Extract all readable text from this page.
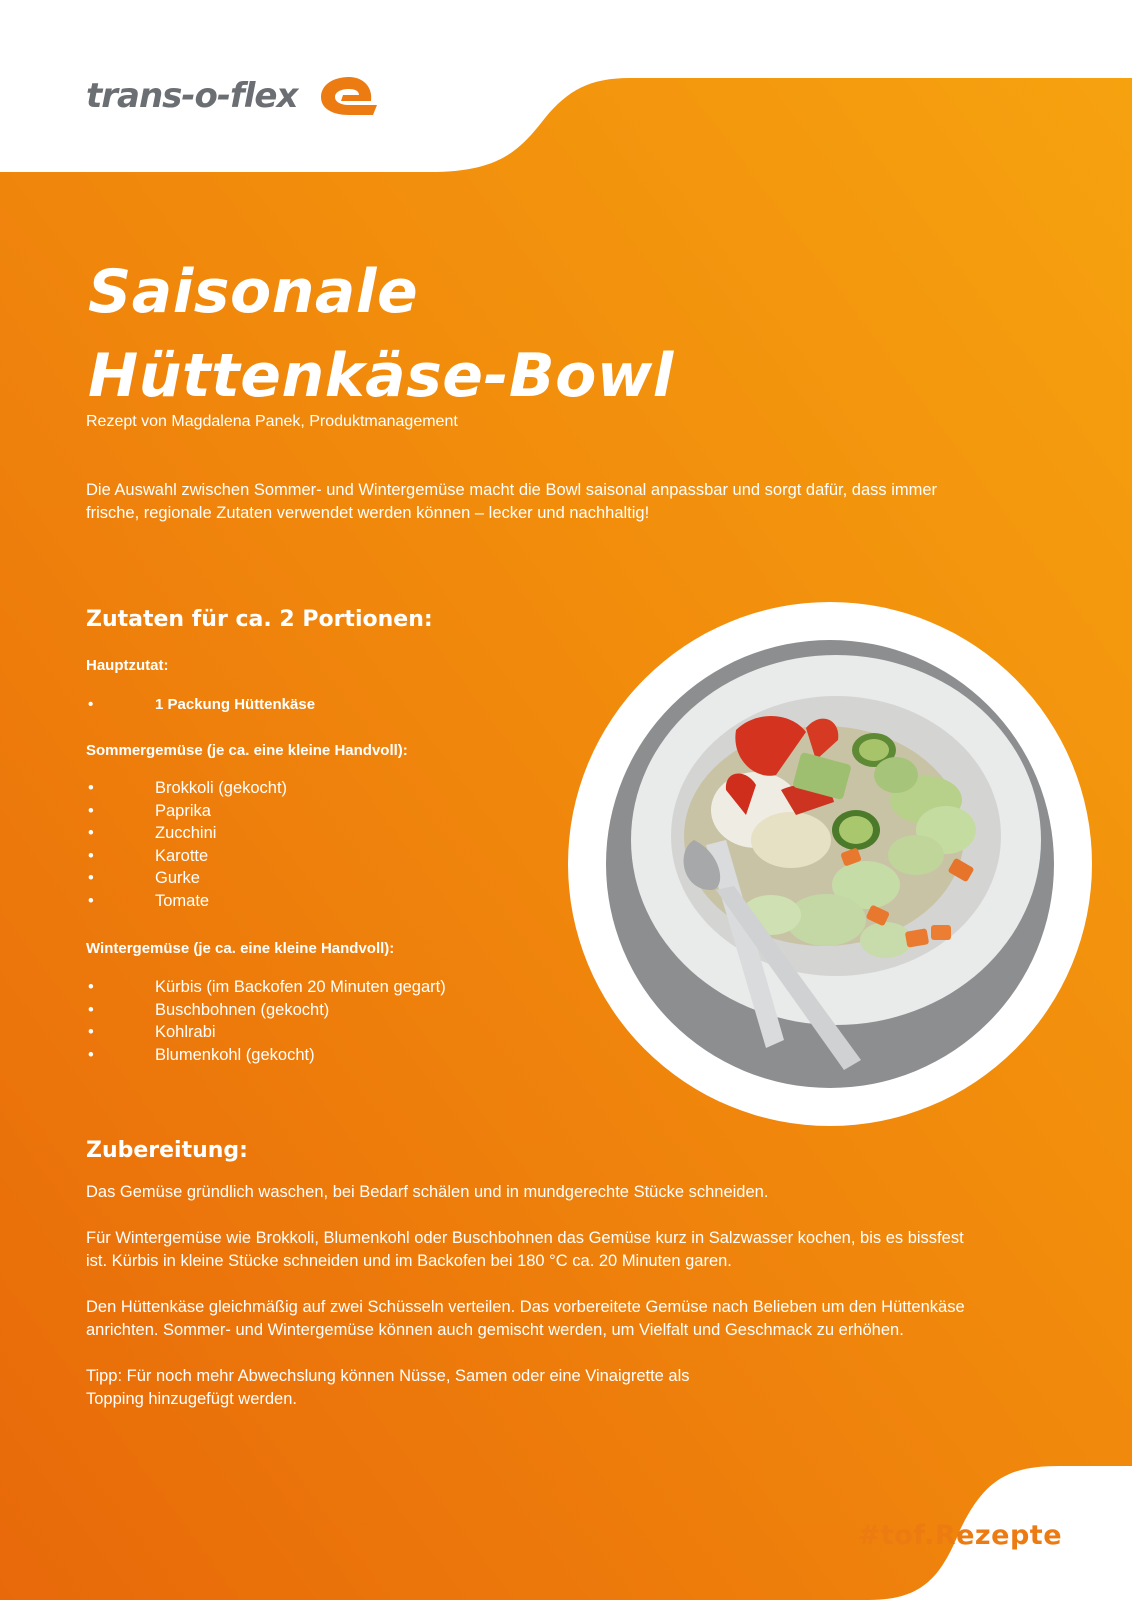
trans-o-flex
Saisonale
Hüttenkäse-Bowl
Rezept von Magdalena Panek, Produktmanagement

Die Auswahl zwischen Sommer- und Wintergemüse macht die Bowl saisonal anpassbar und sorgt dafür, dass immer frische, regionale Zutaten verwendet werden können – lecker und nachhaltig!

Zutaten für ca. 2 Portionen:

Hauptzutat:

• 1 Packung Hüttenkäse

Sommergemüse (je ca. eine kleine Handvoll):

• Brokkoli (gekocht)
• Paprika
• Zucchini
• Karotte
• Gurke
• Tomate

Wintergemüse (je ca. eine kleine Handvoll):

• Kürbis (im Backofen 20 Minuten gegart)
• Buschbohnen (gekocht)
• Kohlrabi
• Blumenkohl (gekocht)
Zubereitung:

Das Gemüse gründlich waschen, bei Bedarf schälen und in mundgerechte Stücke schneiden.

Für Wintergemüse wie Brokkoli, Blumenkohl oder Buschbohnen das Gemüse kurz in Salzwasser kochen, bis es bissfest ist. Kürbis in kleine Stücke schneiden und im Backofen bei 180 °C ca. 20 Minuten garen.

Den Hüttenkäse gleichmäßig auf zwei Schüsseln verteilen. Das vorbereitete Gemüse nach Belieben um den Hüttenkäse anrichten. Sommer- und Wintergemüse können auch gemischt werden, um Vielfalt und Geschmack zu erhöhen.

Tipp: Für noch mehr Abwechslung können Nüsse, Samen oder eine Vinaigrette als Topping hinzugefügt werden.

#tof.Rezepte
